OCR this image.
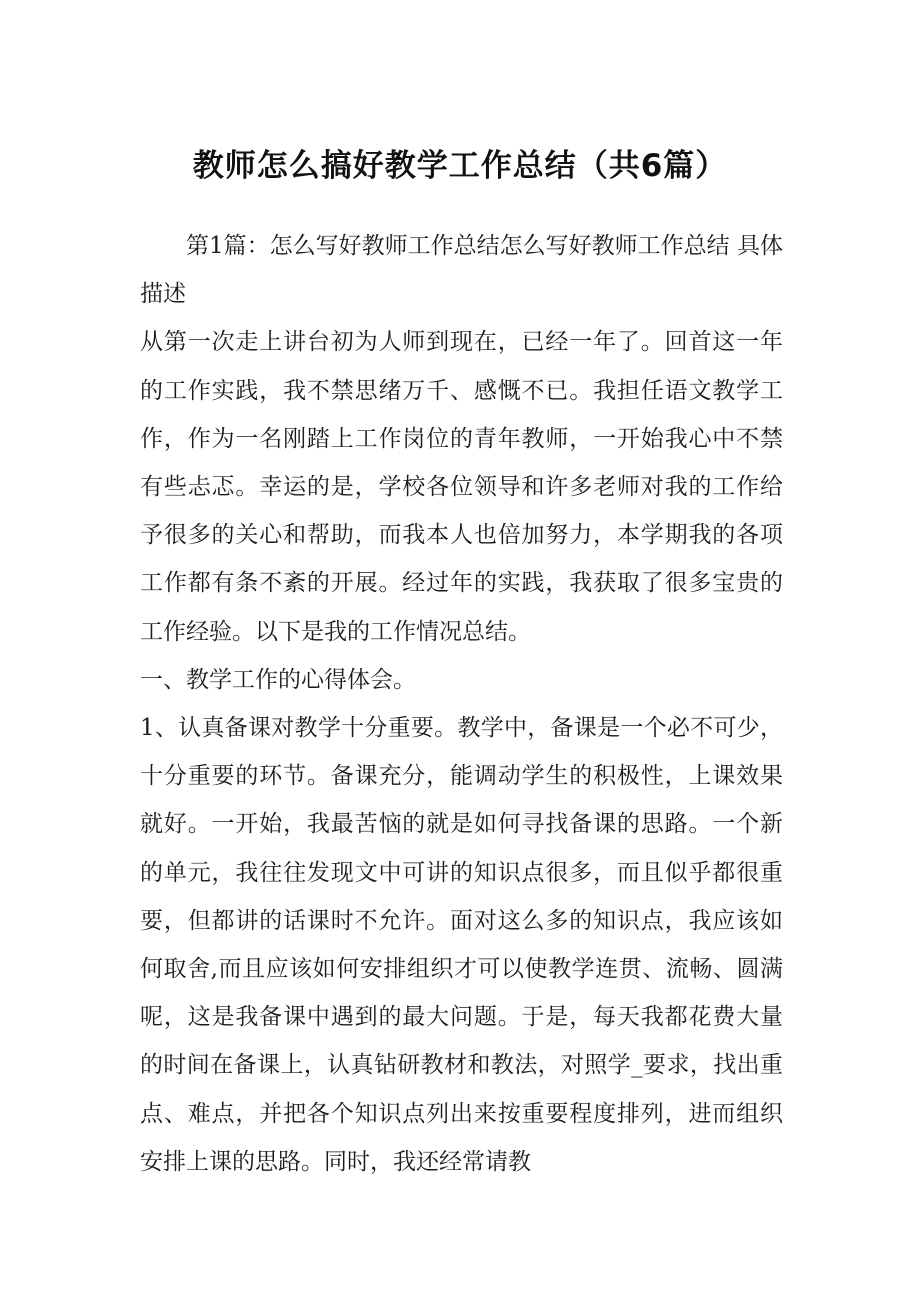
教师怎么搞好教学工作总结（共6篇）

第1篇：怎么写好教师工作总结怎么写好教师工作总结 具体描述

从第一次走上讲台初为人师到现在，已经一年了。回首这一年的工作实践，我不禁思绪万千、感慨不已。我担任语文教学工作，作为一名刚踏上工作岗位的青年教师，一开始我心中不禁有些忐忑。幸运的是，学校各位领导和许多老师对我的工作给予很多的关心和帮助，而我本人也倍加努力，本学期我的各项工作都有条不紊的开展。经过年的实践，我获取了很多宝贵的工作经验。以下是我的工作情况总结。

一、教学工作的心得体会。

1、认真备课对教学十分重要。教学中，备课是一个必不可少，十分重要的环节。备课充分，能调动学生的积极性，上课效果就好。一开始，我最苦恼的就是如何寻找备课的思路。一个新的单元，我往往发现文中可讲的知识点很多，而且似乎都很重要，但都讲的话课时不允许。面对这么多的知识点，我应该如何取舍,而且应该如何安排组织才可以使教学连贯、流畅、圆满呢，这是我备课中遇到的最大问题。于是，每天我都花费大量的时间在备课上，认真钻研教材和教法，对照学_要求，找出重点、难点，并把各个知识点列出来按重要程度排列，进而组织安排上课的思路。同时，我还经常请教
